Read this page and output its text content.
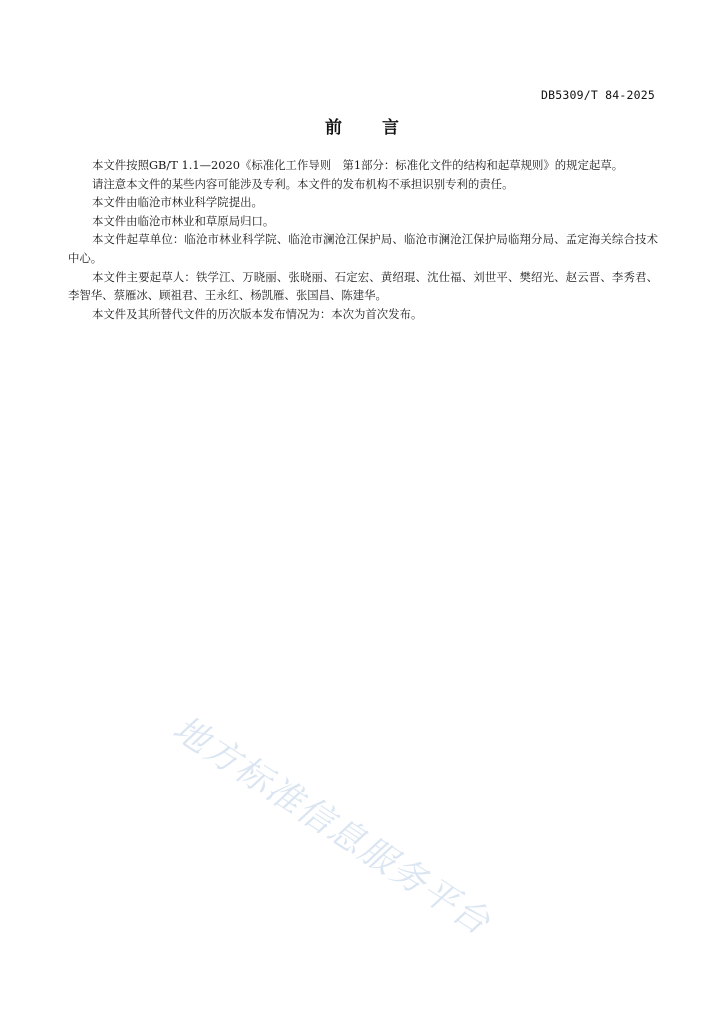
DB5309/T 84-2025
前言

本文件按照GB/T 1.1—2020《标准化工作导则　第1部分：标准化文件的结构和起草规则》的规定起草。

请注意本文件的某些内容可能涉及专利。本文件的发布机构不承担识别专利的责任。

本文件由临沧市林业科学院提出。

本文件由临沧市林业和草原局归口。

本文件起草单位：临沧市林业科学院、临沧市澜沧江保护局、临沧市澜沧江保护局临翔分局、孟定海关综合技术中心。

本文件主要起草人：铁学江、万晓丽、张晓丽、石定宏、黄绍琨、沈仕福、刘世平、樊绍光、赵云晋、李秀君、李智华、蔡雁冰、顾祖君、王永红、杨凯雁、张国昌、陈建华。

本文件及其所替代文件的历次版本发布情况为：本次为首次发布。

地方标准信息服务平台
